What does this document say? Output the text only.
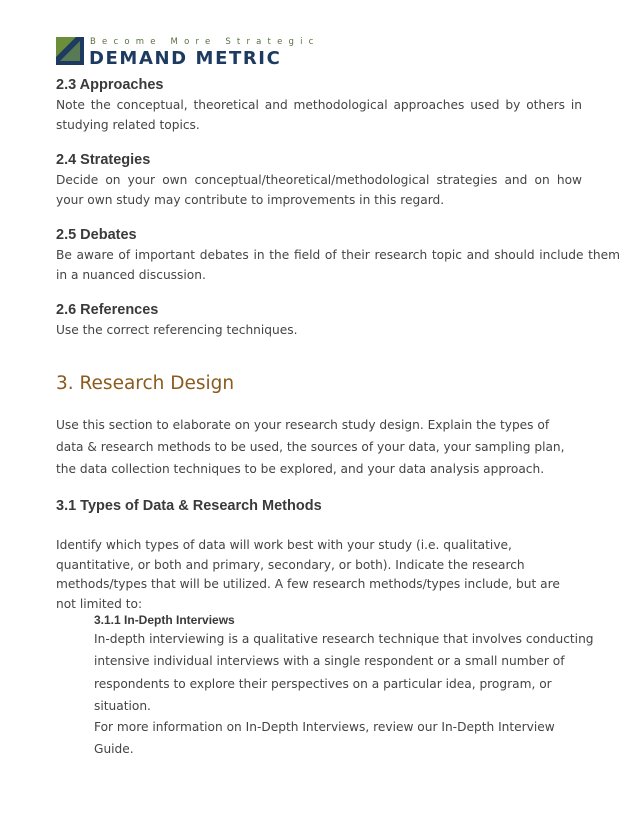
Become More Strategic
DEMAND METRIC
2.3 Approaches

Note the conceptual, theoretical and methodological approaches used by others in studying related topics.

2.4 Strategies

Decide on your own conceptual/theoretical/methodological strategies and on how your own study may contribute to improvements in this regard.

2.5 Debates

Be aware of important debates in the field of their research topic and should include them in a nuanced discussion.

2.6 References

Use the correct referencing techniques.

3. Research Design

Use this section to elaborate on your research study design. Explain the types of data & research methods to be used, the sources of your data, your sampling plan, the data collection techniques to be explored, and your data analysis approach.

3.1 Types of Data & Research Methods

Identify which types of data will work best with your study (i.e. qualitative, quantitative, or both and primary, secondary, or both). Indicate the research methods/types that will be utilized. A few research methods/types include, but are not limited to:

3.1.1 In-Depth Interviews

In-depth interviewing is a qualitative research technique that involves conducting intensive individual interviews with a single respondent or a small number of respondents to explore their perspectives on a particular idea, program, or situation.

For more information on In-Depth Interviews, review our In-Depth Interview Guide.
